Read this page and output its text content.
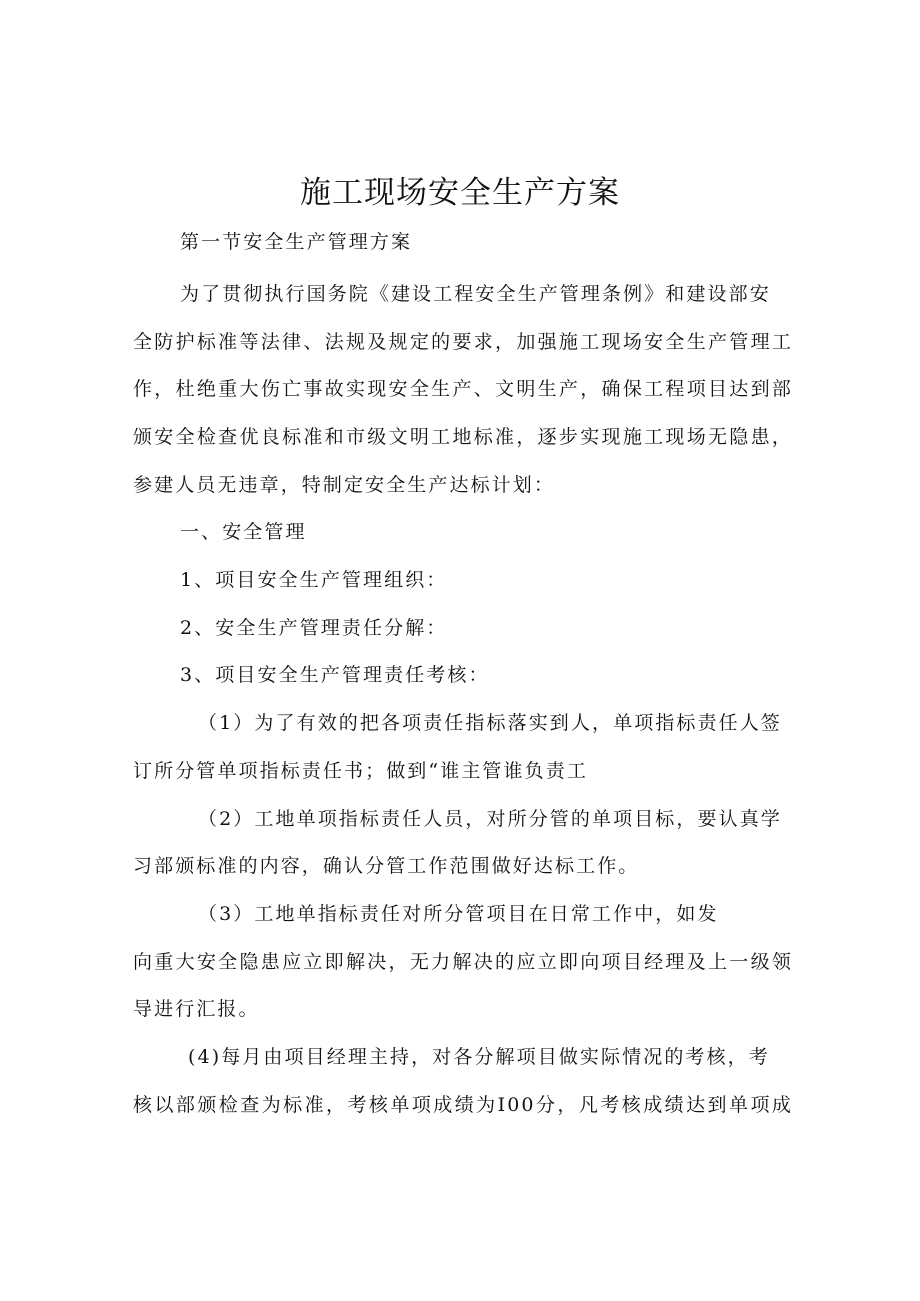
施工现场安全生产方案
第一节安全生产管理方案
为了贯彻执行国务院《建设工程安全生产管理条例》和建设部安
全防护标准等法律、法规及规定的要求，加强施工现场安全生产管理工
作，杜绝重大伤亡事故实现安全生产、文明生产，确保工程项目达到部
颁安全检查优良标准和市级文明工地标准，逐步实现施工现场无隐患，
参建人员无违章，特制定安全生产达标计划：
一、安全管理
1、项目安全生产管理组织：
2、安全生产管理责任分解：
3、项目安全生产管理责任考核：
（1）为了有效的把各项责任指标落实到人，单项指标责任人签
订所分管单项指标责任书；做到“谁主管谁负责工
（2）工地单项指标责任人员，对所分管的单项目标，要认真学
习部颁标准的内容，确认分管工作范围做好达标工作。
（3）工地单指标责任对所分管项目在日常工作中，如发
向重大安全隐患应立即解决，无力解决的应立即向项目经理及上一级领
导进行汇报。
(4)每月由项目经理主持，对各分解项目做实际情况的考核，考
核以部颁检查为标准，考核单项成绩为I00分，凡考核成绩达到单项成
